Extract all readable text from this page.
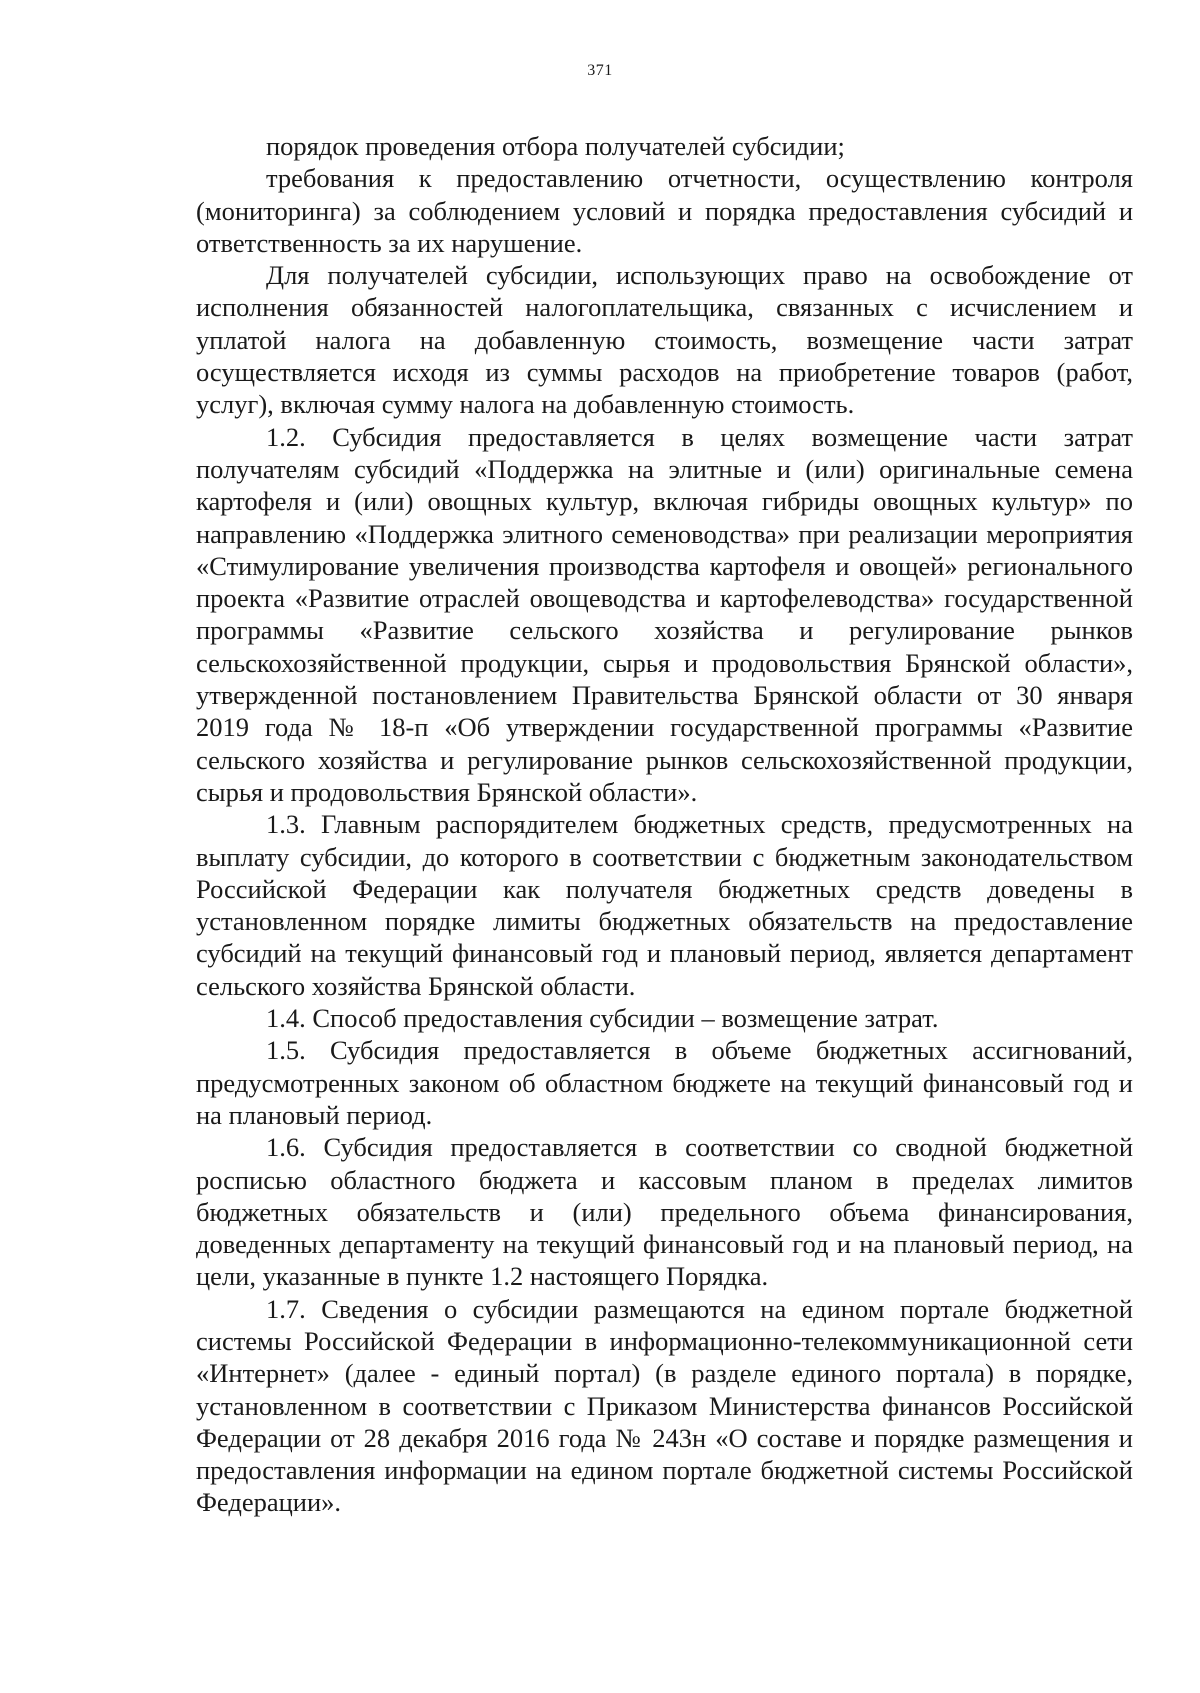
371

порядок проведения отбора получателей субсидии;

требования к предоставлению отчетности, осуществлению контроля (мониторинга) за соблюдением условий и порядка предоставления субсидий и ответственность за их нарушение.

Для получателей субсидии, использующих право на освобождение от исполнения обязанностей налогоплательщика, связанных с исчислением и уплатой налога на добавленную стоимость, возмещение части затрат осуществляется исходя из суммы расходов на приобретение товаров (работ, услуг), включая сумму налога на добавленную стоимость.

1.2. Субсидия предоставляется в целях возмещение части затрат получателям субсидий «Поддержка на элитные и (или) оригинальные семена картофеля и (или) овощных культур, включая гибриды овощных культур» по направлению «Поддержка элитного семеноводства» при реализации мероприятия «Стимулирование увеличения производства картофеля и овощей» регионального проекта «Развитие отраслей овощеводства и картофелеводства» государственной программы «Развитие сельского хозяйства и регулирование рынков сельскохозяйственной продукции, сырья и продовольствия Брянской области», утвержденной постановлением Правительства Брянской области от 30 января 2019 года № 18-п «Об утверждении государственной программы «Развитие сельского хозяйства и регулирование рынков сельскохозяйственной продукции, сырья и продовольствия Брянской области».

1.3. Главным распорядителем бюджетных средств, предусмотренных на выплату субсидии, до которого в соответствии с бюджетным законодательством Российской Федерации как получателя бюджетных средств доведены в установленном порядке лимиты бюджетных обязательств на предоставление субсидий на текущий финансовый год и плановый период, является департамент сельского хозяйства Брянской области.

1.4. Способ предоставления субсидии – возмещение затрат.

1.5. Субсидия предоставляется в объеме бюджетных ассигнований, предусмотренных законом об областном бюджете на текущий финансовый год и на плановый период.

1.6. Субсидия предоставляется в соответствии со сводной бюджетной росписью областного бюджета и кассовым планом в пределах лимитов бюджетных обязательств и (или) предельного объема финансирования, доведенных департаменту на текущий финансовый год и на плановый период, на цели, указанные в пункте 1.2 настоящего Порядка.

1.7. Сведения о субсидии размещаются на едином портале бюджетной системы Российской Федерации в информационно-телекоммуникационной сети «Интернет» (далее - единый портал) (в разделе единого портала) в порядке, установленном в соответствии с Приказом Министерства финансов Российской Федерации от 28 декабря 2016 года № 243н «О составе и порядке размещения и предоставления информации на едином портале бюджетной системы Российской Федерации».
